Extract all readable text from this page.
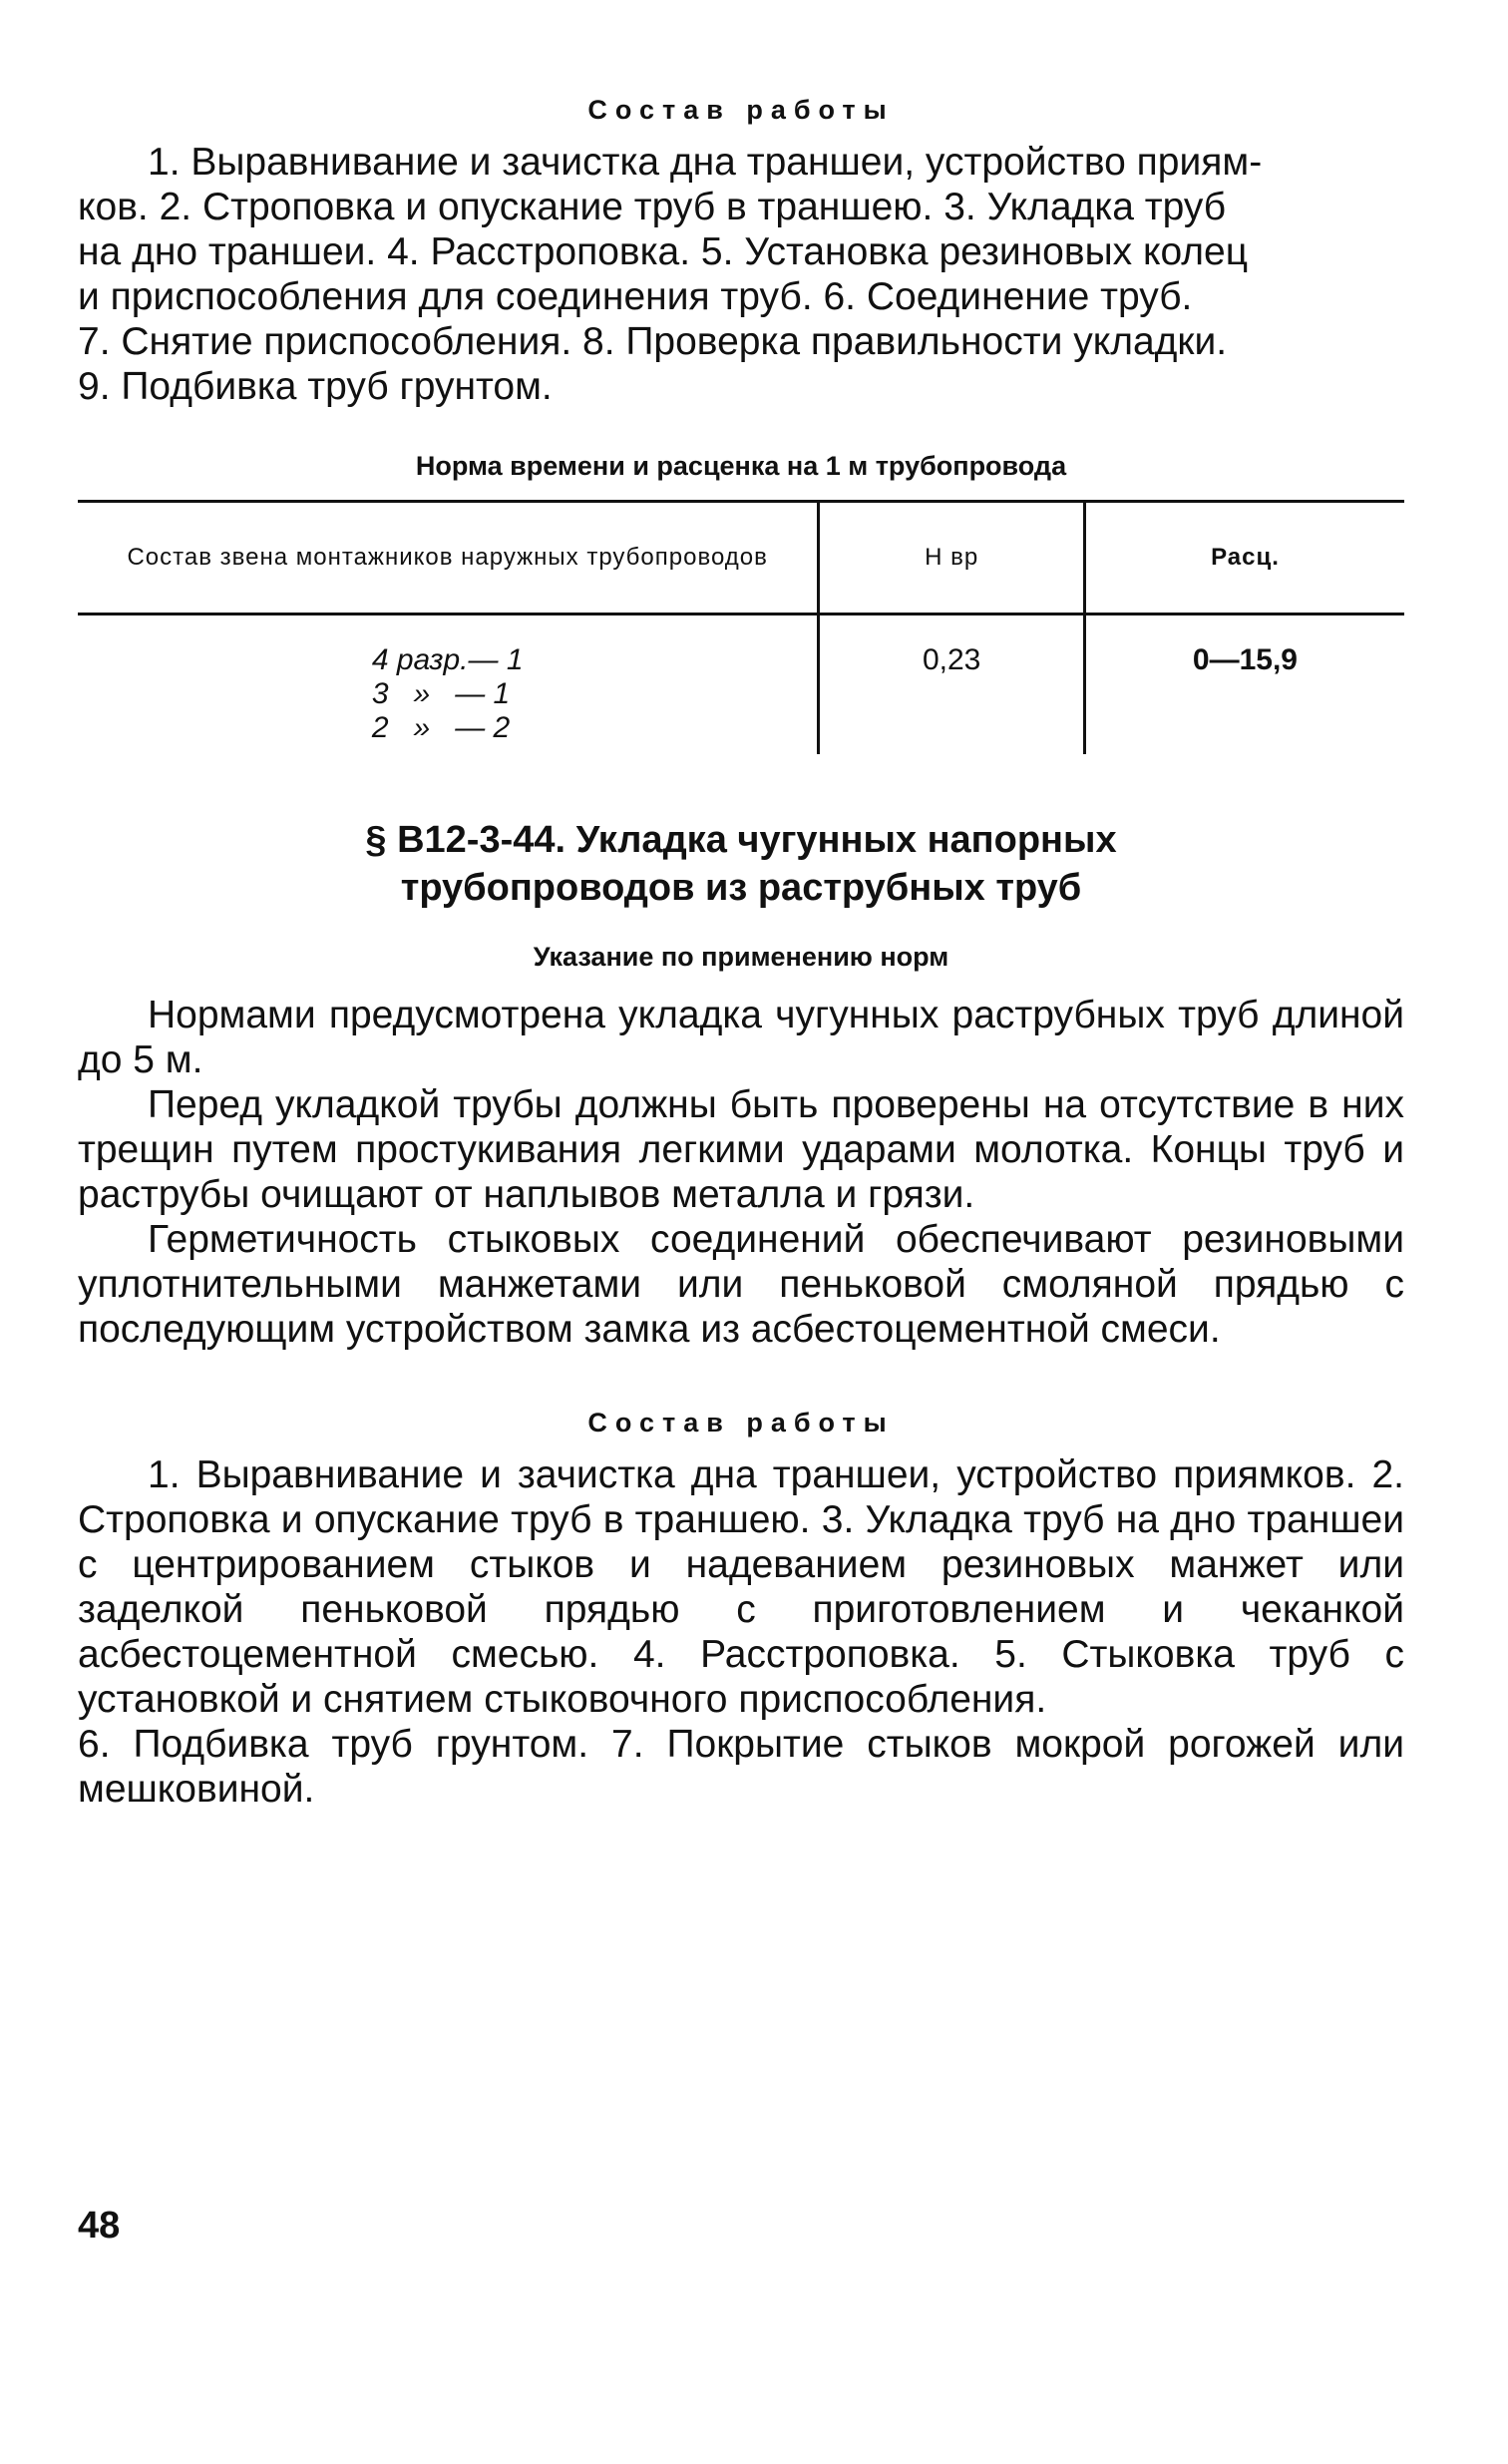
Состав работы

1. Выравнивание и зачистка дна траншеи, устройство приям-
ков. 2. Строповка и опускание труб в траншею. 3. Укладка труб
на дно траншеи. 4. Расстроповка. 5. Установка резиновых колец
и приспособления для соединения труб. 6. Соединение труб.
7. Снятие приспособления. 8. Проверка правильности укладки.
9. Подбивка труб грунтом.

Норма времени и расценка на 1 м трубопровода
Состав звена монтажников наружных трубопроводов	Н вр	Расц.

4 разр.— 1
3   »   — 1
2   »   — 2	0,23	0—15,9
§ В12-3-44. Укладка чугунных напорных
трубопроводов из раструбных труб
Указание по применению норм

Нормами предусмотрена укладка чугунных раструбных труб длиной до 5 м.

Перед укладкой трубы должны быть проверены на отсутствие в них трещин путем простукивания легкими ударами молотка. Концы труб и раструбы очищают от наплывов металла и грязи.

Герметичность стыковых соединений обеспечивают резиновыми уплотнительными манжетами или пеньковой смоляной прядью с последующим устройством замка из асбестоцементной смеси.

Состав работы

1. Выравнивание и зачистка дна траншеи, устройство приямков. 2. Строповка и опускание труб в траншею. 3. Укладка труб на дно траншеи с центрированием стыков и надеванием резиновых манжет или заделкой пеньковой прядью с приготовлением и чеканкой асбестоцементной смесью. 4. Расстроповка. 5. Стыковка труб с установкой и снятием стыковочного приспособления.

6. Подбивка труб грунтом. 7. Покрытие стыков мокрой рогожей или мешковиной.

48
